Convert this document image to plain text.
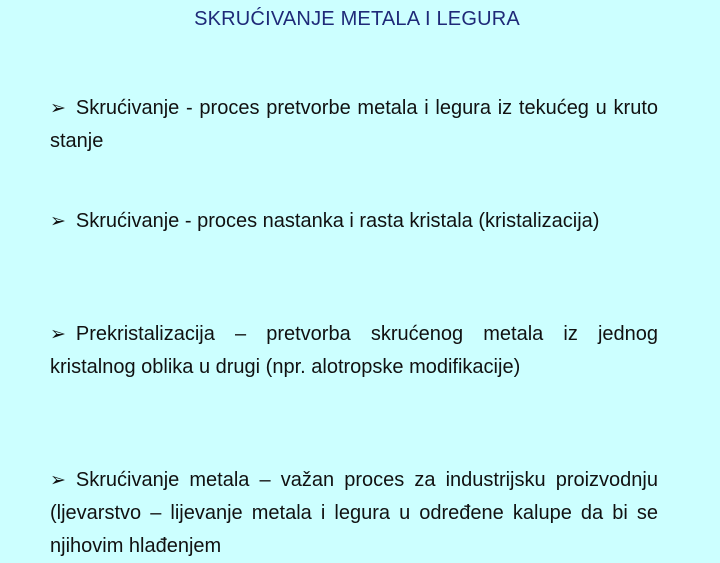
SKRUĆIVANJE METALA I LEGURA
➢ Skrućivanje - proces pretvorbe metala i legura iz tekućeg u kruto stanje
➢ Skrućivanje - proces nastanka i rasta kristala (kristalizacija)
➢ Prekristalizacija – pretvorba skrućenog metala iz jednog kristalnog oblika u drugi (npr. alotropske modifikacije)
➢ Skrućivanje metala – važan proces za industrijsku proizvodnju (ljevarstvo – lijevanje metala i legura u određene kalupe da bi se njihovim hlađenjem
